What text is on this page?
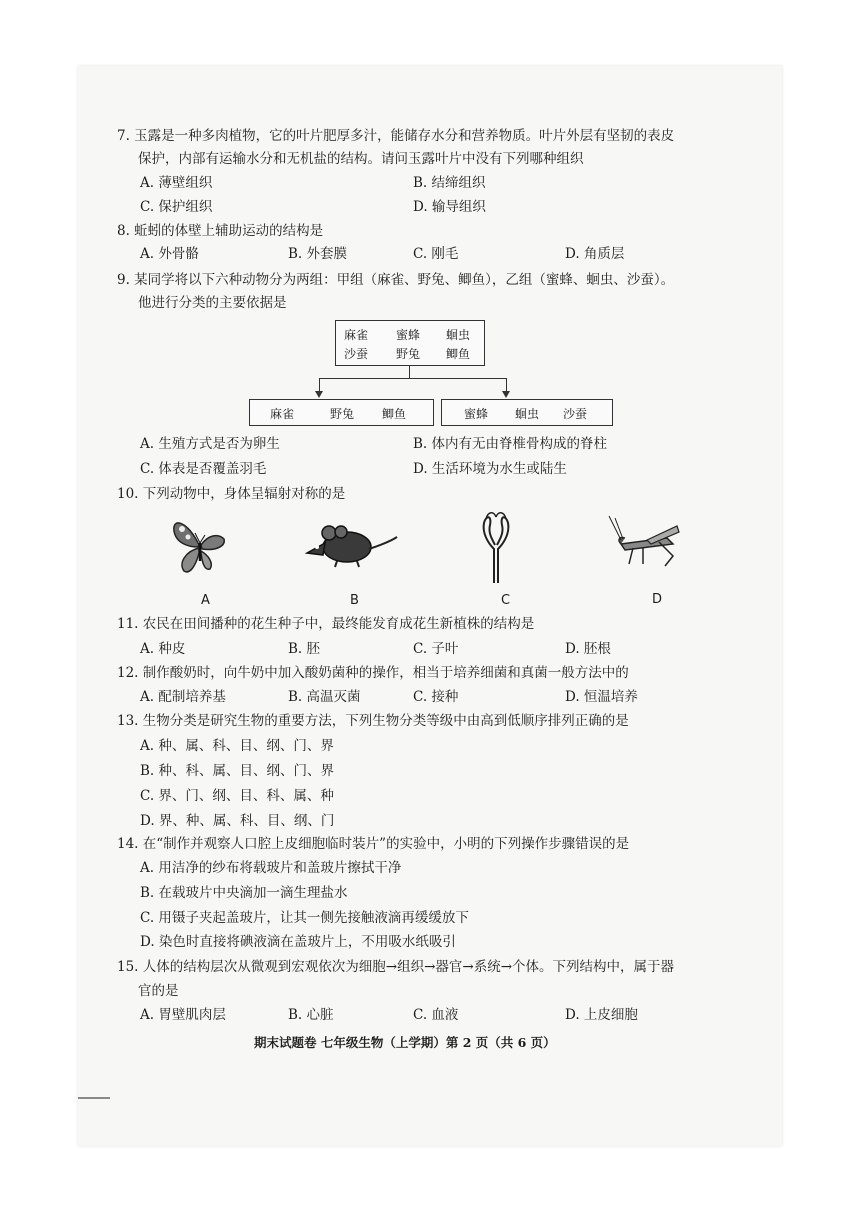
7. 玉露是一种多肉植物，它的叶片肥厚多汁，能储存水分和营养物质。叶片外层有坚韧的表皮
保护，内部有运输水分和无机盐的结构。请问玉露叶片中没有下列哪种组织
A. 薄壁组织	B. 结缔组织
C. 保护组织	D. 输导组织
8. 蚯蚓的体壁上辅助运动的结构是
A. 外骨骼	B. 外套膜	C. 刚毛	D. 角质层
9. 某同学将以下六种动物分为两组：甲组（麻雀、野兔、鲫鱼），乙组（蜜蜂、蛔虫、沙蚕）。
他进行分类的主要依据是
麻雀 蜜蜂 蛔虫
沙蚕 野兔 鲫鱼
麻雀	野兔 鲫鱼	蜜蜂 蛔虫 沙蚕
A. 生殖方式是否为卵生	B. 体内有无由脊椎骨构成的脊柱
C. 体表是否覆盖羽毛	D. 生活环境为水生或陆生
10. 下列动物中，身体呈辐射对称的是
A	B	C	D
11. 农民在田间播种的花生种子中，最终能发育成花生新植株的结构是
A. 种皮	B. 胚	C. 子叶	D. 胚根
12. 制作酸奶时，向牛奶中加入酸奶菌种的操作，相当于培养细菌和真菌一般方法中的
A. 配制培养基	B. 高温灭菌	C. 接种	D. 恒温培养
13. 生物分类是研究生物的重要方法，下列生物分类等级中由高到低顺序排列正确的是
A. 种、属、科、目、纲、门、界
B. 种、科、属、目、纲、门、界
C. 界、门、纲、目、科、属、种
D. 界、种、属、科、目、纲、门
14. 在“制作并观察人口腔上皮细胞临时装片”的实验中，小明的下列操作步骤错误的是
A. 用洁净的纱布将载玻片和盖玻片擦拭干净
B. 在载玻片中央滴加一滴生理盐水
C. 用镊子夹起盖玻片，让其一侧先接触液滴再缓缓放下
D. 染色时直接将碘液滴在盖玻片上，不用吸水纸吸引
15. 人体的结构层次从微观到宏观依次为细胞→组织→器官→系统→个体。下列结构中，属于器
官的是
A. 胃壁肌肉层	B. 心脏	C. 血液	D. 上皮细胞
期末试题卷 七年级生物（上学期）第 2 页（共 6 页）
